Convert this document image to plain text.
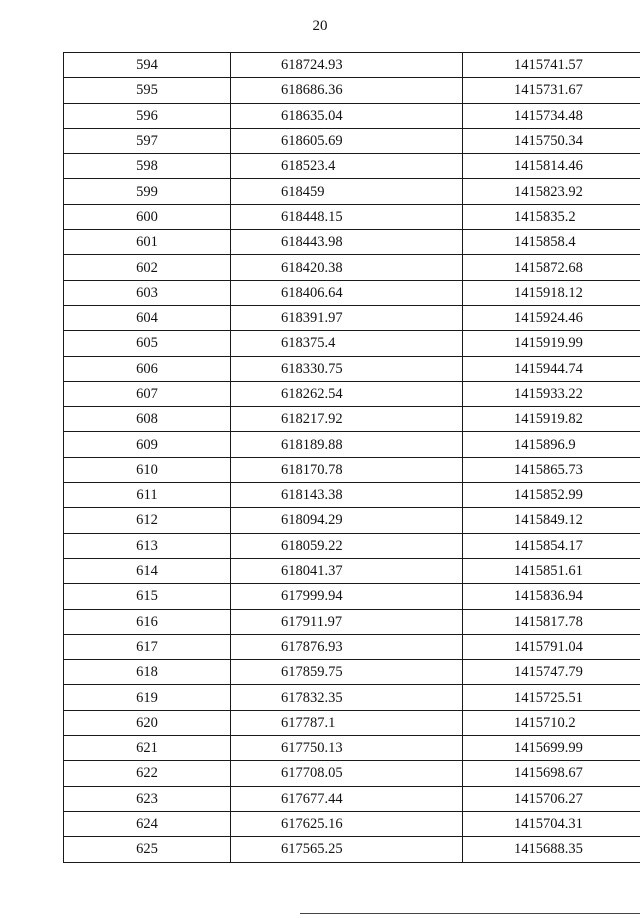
20
594	618724.93	1415741.57
595	618686.36	1415731.67
596	618635.04	1415734.48
597	618605.69	1415750.34
598	618523.4	1415814.46
599	618459	1415823.92
600	618448.15	1415835.2
601	618443.98	1415858.4
602	618420.38	1415872.68
603	618406.64	1415918.12
604	618391.97	1415924.46
605	618375.4	1415919.99
606	618330.75	1415944.74
607	618262.54	1415933.22
608	618217.92	1415919.82
609	618189.88	1415896.9
610	618170.78	1415865.73
611	618143.38	1415852.99
612	618094.29	1415849.12
613	618059.22	1415854.17
614	618041.37	1415851.61
615	617999.94	1415836.94
616	617911.97	1415817.78
617	617876.93	1415791.04
618	617859.75	1415747.79
619	617832.35	1415725.51
620	617787.1	1415710.2
621	617750.13	1415699.99
622	617708.05	1415698.67
623	617677.44	1415706.27
624	617625.16	1415704.31
625	617565.25	1415688.35
